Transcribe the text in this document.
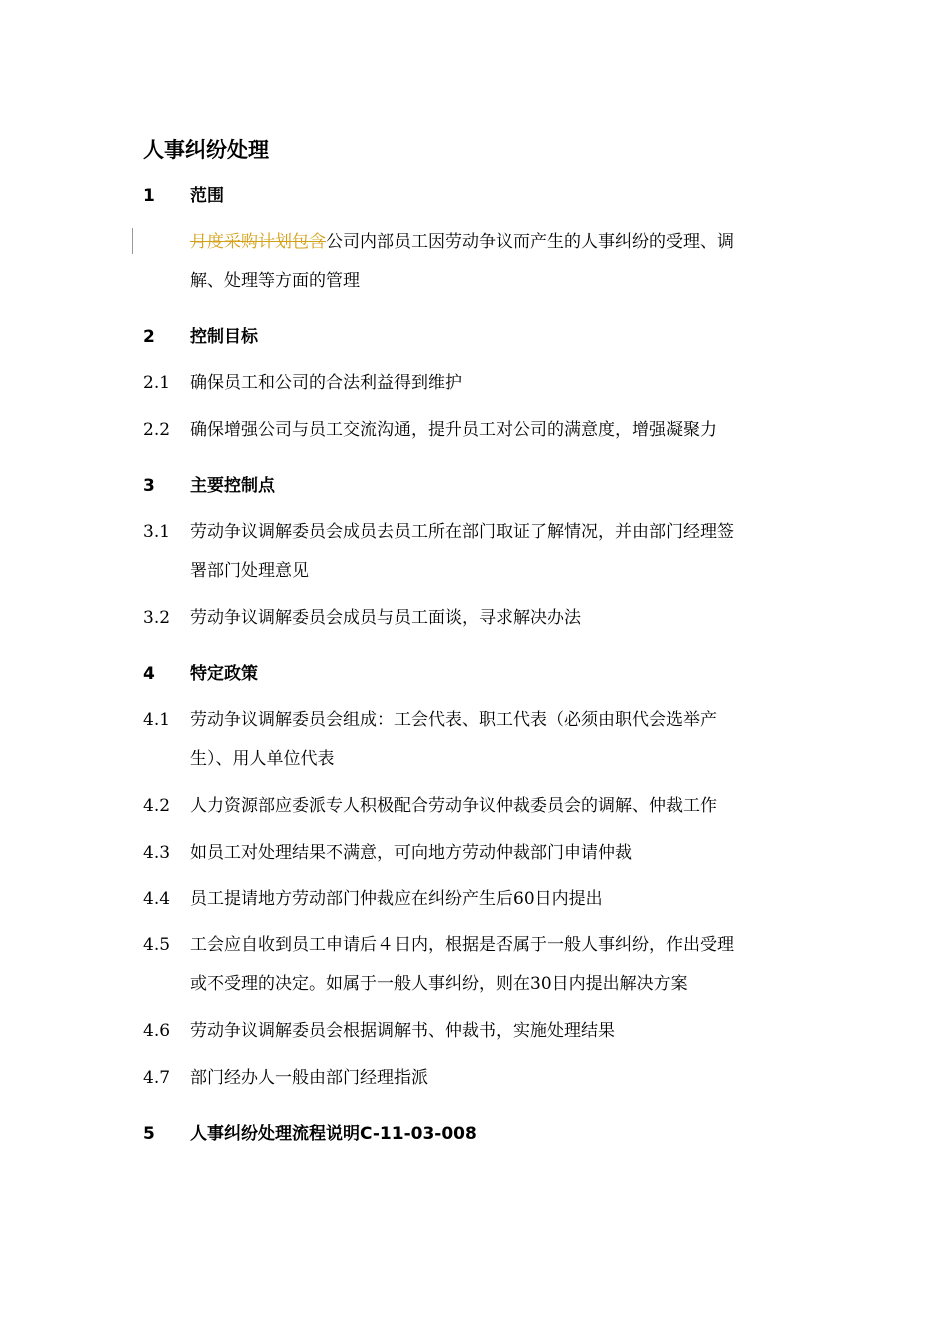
人事纠纷处理
1	范围
月度采购计划包含公司内部员工因劳动争议而产生的人事纠纷的受理、调
解、处理等方面的管理
2	控制目标
2.1	确保员工和公司的合法利益得到维护
2.2	确保增强公司与员工交流沟通，提升员工对公司的满意度，增强凝聚力
3	主要控制点
3.1	劳动争议调解委员会成员去员工所在部门取证了解情况，并由部门经理签
署部门处理意见
3.2	劳动争议调解委员会成员与员工面谈，寻求解决办法
4	特定政策
4.1	劳动争议调解委员会组成：工会代表、职工代表（必须由职代会选举产
生）、用人单位代表
4.2	人力资源部应委派专人积极配合劳动争议仲裁委员会的调解、仲裁工作
4.3	如员工对处理结果不满意，可向地方劳动仲裁部门申请仲裁
4.4	员工提请地方劳动部门仲裁应在纠纷产生后60日内提出
4.5	工会应自收到员工申请后４日内，根据是否属于一般人事纠纷，作出受理
或不受理的决定。如属于一般人事纠纷，则在30日内提出解决方案
4.6	劳动争议调解委员会根据调解书、仲裁书，实施处理结果
4.7	部门经办人一般由部门经理指派
5	人事纠纷处理流程说明C-11-03-008
